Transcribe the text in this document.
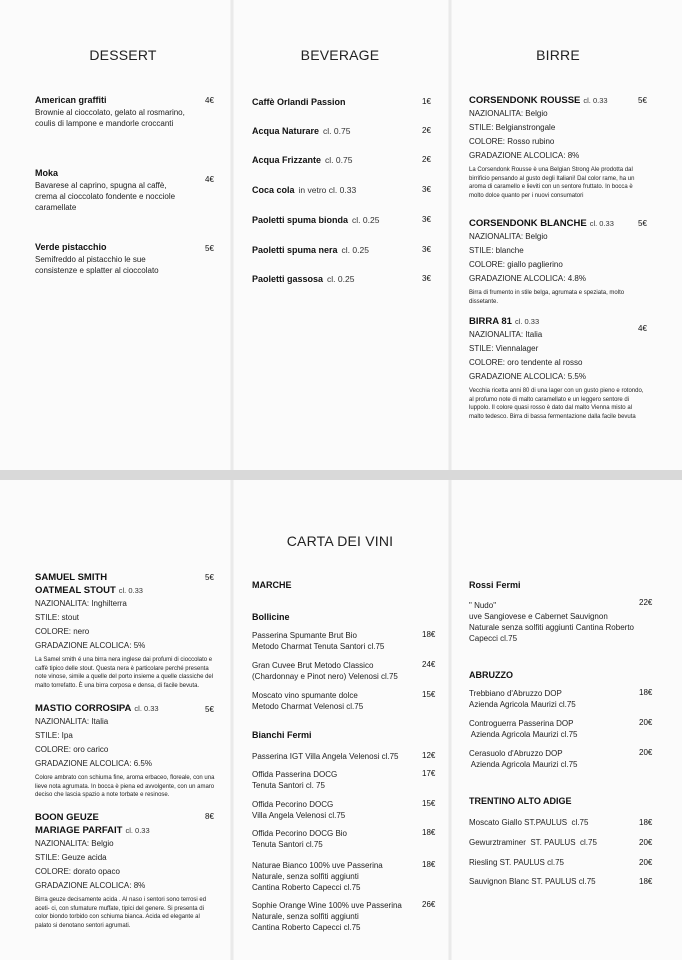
DESSERT	BEVERAGE	BIRRE
American graffiti
Brownie al cioccolato, gelato al rosmarino, coulis di lampone e mandorle croccanti
4€
Moka
Bavarese al caprino, spugna al caffè, crema al cioccolato fondente e nocciole caramellate
4€
Verde pistacchio
Semifreddo al pistacchio le sue consistenze e splatter al cioccolato
5€
Caffè Orlandi Passion	1€
Acqua Naturare cl. 0.75	2€
Acqua Frizzante cl. 0.75	2€
Coca cola in vetro cl. 0.33	3€
Paoletti spuma bionda cl. 0.25	3€
Paoletti spuma nera cl. 0.25	3€
Paoletti gassosa cl. 0.25	3€
CORSENDONK ROUSSE cl. 0.33
NAZIONALITA: Belgio
STILE: Belgianstrongale
COLORE: Rosso rubino
GRADAZIONE ALCOLICA: 8%
La Corsendonk Rousse è una Belgian Strong Ale prodotta dal birrificio pensando al gusto degli Italiani! Dal color rame, ha un aroma di caramello e lieviti con un sentore fruttato. In bocca è molto dolce quanto per i nuovi consumatori
5€
CORSENDONK BLANCHE cl. 0.33
NAZIONALITA: Belgio
STILE: blanche
COLORE: giallo paglierino
GRADAZIONE ALCOLICA: 4.8%
Birra di frumento in stile belga, agrumata e speziata, molto dissetante.
5€
BIRRA 81 cl. 0.33
NAZIONALITA: Italia
STILE: Viennalager
COLORE: oro tendente al rosso
GRADAZIONE ALCOLICA: 5.5%
Vecchia ricetta anni 80 di una lager con un gusto pieno e rotondo, al profumo note di malto caramellato e un leggero sentore di luppolo. Il colore quasi rosso è dato dal malto Vienna misto al malto tedesco. Birra di bassa fermentazione dalla facile bevuta
4€
CARTA DEI VINI
SAMUEL SMITH
OATMEAL STOUT cl. 0.33
NAZIONALITA: Inghilterra
STILE: stout
COLORE: nero
GRADAZIONE ALCOLICA: 5%
La Samel smith é una birra nera inglese dai profumi di cioccolato e caffè tipico delle stout. Questa nera è particolare perché presenta note vinose, simile a quelle del porto insieme a quelle classiche del malto torrefatto. È una birra corposa e densa, di facile bevuta.
5€
MASTIO CORROSIPA cl. 0.33
NAZIONALITA: Italia
STILE: Ipa
COLORE: oro carico
GRADAZIONE ALCOLICA: 6.5%
Colore ambrato con schiuma fine, aroma erbaceo, floreale, con una lieve nota agrumata. In bocca è piena ed avvolgente, con un amaro deciso che lascia spazio a note torbate e resinose.
5€
BOON GEUZE
MARIAGE PARFAIT cl. 0.33
NAZIONALITA: Belgio
STILE: Geuze acida
COLORE: dorato opaco
GRADAZIONE ALCOLICA: 8%
Birra geuze decisamente acida . Al naso i sentori sono terrosi ed aceti- ci, con sfumature muffate, tipici del genere. Si presenta di color biondo torbido con schiuma bianca. Acida ed elegante al palato si denotano sentori agrumati.
8€
MARCHE
Bollicine
Passerina Spumante Brut Bio
Metodo Charmat Tenuta Santori cl.75
18€
Gran Cuvee Brut Metodo Classico
(Chardonnay e Pinot nero) Velenosi cl.75
24€
Moscato vino spumante dolce
Metodo Charmat Velenosi cl.75
15€
Bianchi Fermi
Passerina IGT Villa Angela Velenosi cl.75	12€
Offida Passerina DOCG
Tenuta Santori cl. 75
17€
Offida Pecorino DOCG
Villa Angela Velenosi cl.75
15€
Offida Pecorino DOCG Bio
Tenuta Santori cl.75
18€
Naturae Bianco 100% uve Passerina
Naturale, senza solfiti aggiunti
Cantina Roberto Capecci cl.75
18€
Sophie Orange Wine 100% uve Passerina
Naturale, senza solfiti aggiunti
Cantina Roberto Capecci cl.75
26€
Rossi Fermi
" Nudo"
uve Sangiovese e Cabernet Sauvignon
Naturale senza solfiti aggiunti Cantina Roberto Capecci cl.75
22€
ABRUZZO
Trebbiano d'Abruzzo DOP
Azienda Agricola Maurizi cl.75
18€
Controguerra Passerina DOP
Azienda Agricola Maurizi cl.75
20€
Cerasuolo d'Abruzzo DOP
Azienda Agricola Maurizi cl.75
20€
TRENTINO ALTO ADIGE
Moscato Giallo ST.PAULUS  cl.75	18€
Gewurztraminer  ST. PAULUS  cl.75	20€
Riesling ST. PAULUS cl.75	20€
Sauvignon Blanc ST. PAULUS cl.75	18€
